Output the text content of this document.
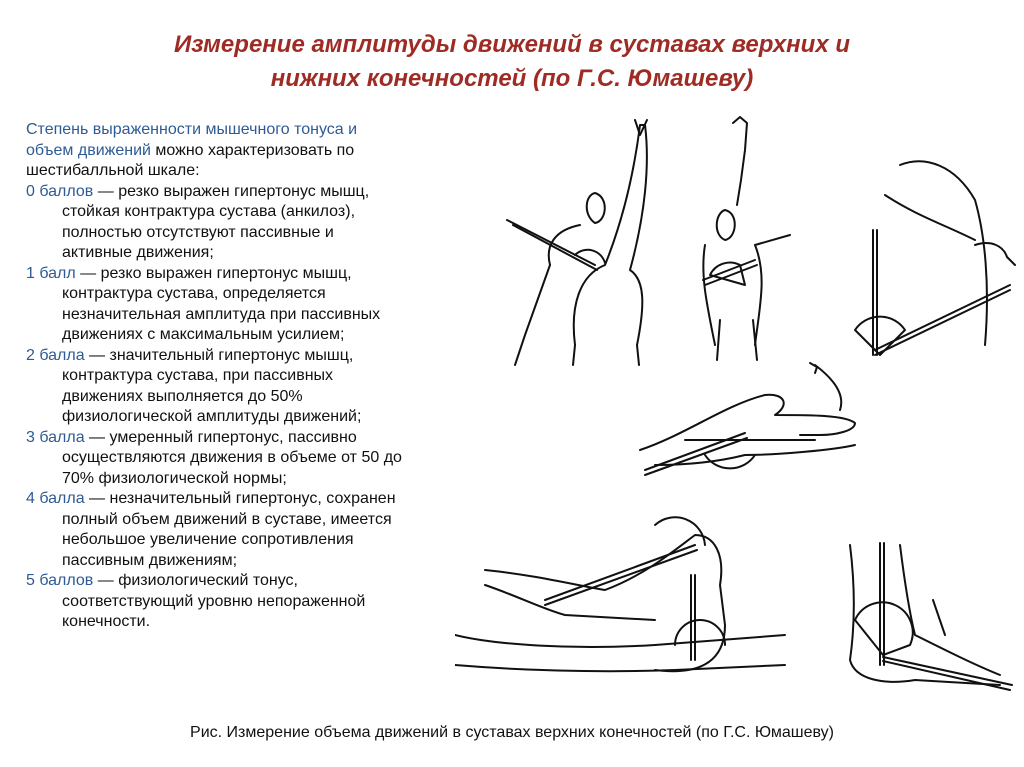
Измерение амплитуды движений в суставах верхних и
нижних конечностей (по Г.С. Юмашеву)

Степень выраженности мышечного тонуса и
объем движений можно характеризовать по
шестибалльной шкале:

0 баллов — резко выражен гипертонус мышц,
стойкая контрактура сустава (анкилоз),
полностью отсутствуют пассивные и
активные движения;

1 балл — резко выражен гипертонус мышц,
контрактура сустава, определяется
незначительная амплитуда при пассивных
движениях с максимальным усилием;

2 балла — значительный гипертонус мышц,
контрактура сустава, при пассивных
движениях выполняется до 50%
физиологической амплитуды движений;

3 балла — умеренный гипертонус, пассивно
осуществляются движения в объеме от 50 до
70% физиологической нормы;

4 балла — незначительный гипертонус, сохранен
полный объем движений в суставе, имеется
небольшое увеличение сопротивления
пассивным движениям;

5 баллов — физиологический тонус,
соответствующий уровню непораженной
конечности.

Рис. Измерение объема движений в суставах верхних конечностей (по Г.С. Юмашеву)
